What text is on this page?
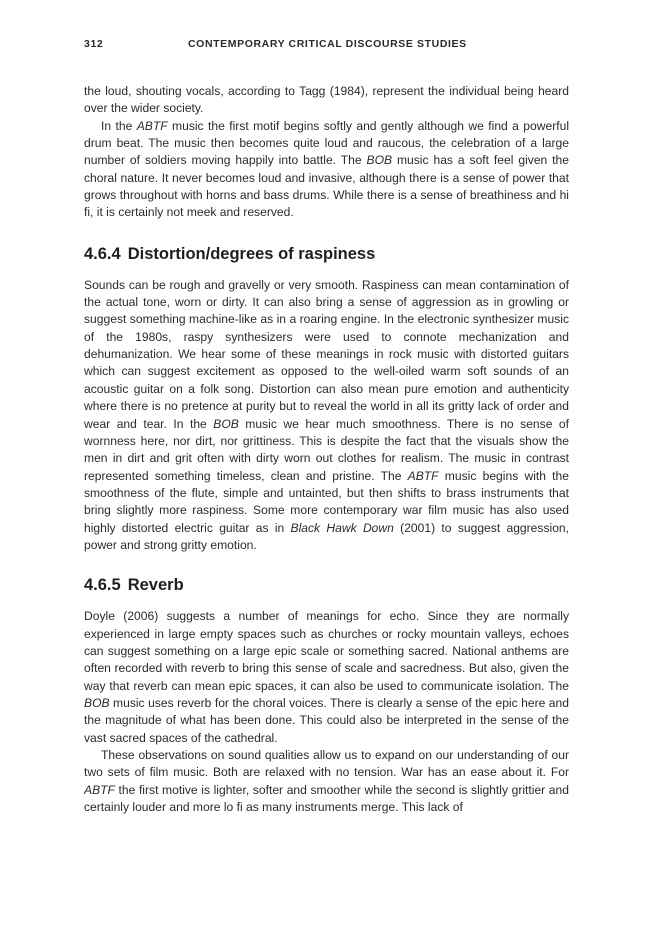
312	CONTEMPORARY CRITICAL DISCOURSE STUDIES

the loud, shouting vocals, according to Tagg (1984), represent the individual being heard over the wider society.

In the ABTF music the first motif begins softly and gently although we find a powerful drum beat. The music then becomes quite loud and raucous, the celebration of a large number of soldiers moving happily into battle. The BOB music has a soft feel given the choral nature. It never becomes loud and invasive, although there is a sense of power that grows throughout with horns and bass drums. While there is a sense of breathiness and hi fi, it is certainly not meek and reserved.

4.6.4 Distortion/degrees of raspiness

Sounds can be rough and gravelly or very smooth. Raspiness can mean contamination of the actual tone, worn or dirty. It can also bring a sense of aggression as in growling or suggest something machine-like as in a roaring engine. In the electronic synthesizer music of the 1980s, raspy synthesizers were used to connote mechanization and dehumanization. We hear some of these meanings in rock music with distorted guitars which can suggest excitement as opposed to the well-oiled warm soft sounds of an acoustic guitar on a folk song. Distortion can also mean pure emotion and authenticity where there is no pretence at purity but to reveal the world in all its gritty lack of order and wear and tear. In the BOB music we hear much smoothness. There is no sense of wornness here, nor dirt, nor grittiness. This is despite the fact that the visuals show the men in dirt and grit often with dirty worn out clothes for realism. The music in contrast represented something timeless, clean and pristine. The ABTF music begins with the smoothness of the flute, simple and untainted, but then shifts to brass instruments that bring slightly more raspiness. Some more contemporary war film music has also used highly distorted electric guitar as in Black Hawk Down (2001) to suggest aggression, power and strong gritty emotion.

4.6.5 Reverb

Doyle (2006) suggests a number of meanings for echo. Since they are normally experienced in large empty spaces such as churches or rocky mountain valleys, echoes can suggest something on a large epic scale or something sacred. National anthems are often recorded with reverb to bring this sense of scale and sacredness. But also, given the way that reverb can mean epic spaces, it can also be used to communicate isolation. The BOB music uses reverb for the choral voices. There is clearly a sense of the epic here and the magnitude of what has been done. This could also be interpreted in the sense of the vast sacred spaces of the cathedral.

These observations on sound qualities allow us to expand on our understanding of our two sets of film music. Both are relaxed with no tension. War has an ease about it. For ABTF the first motive is lighter, softer and smoother while the second is slightly grittier and certainly louder and more lo fi as many instruments merge. This lack of
